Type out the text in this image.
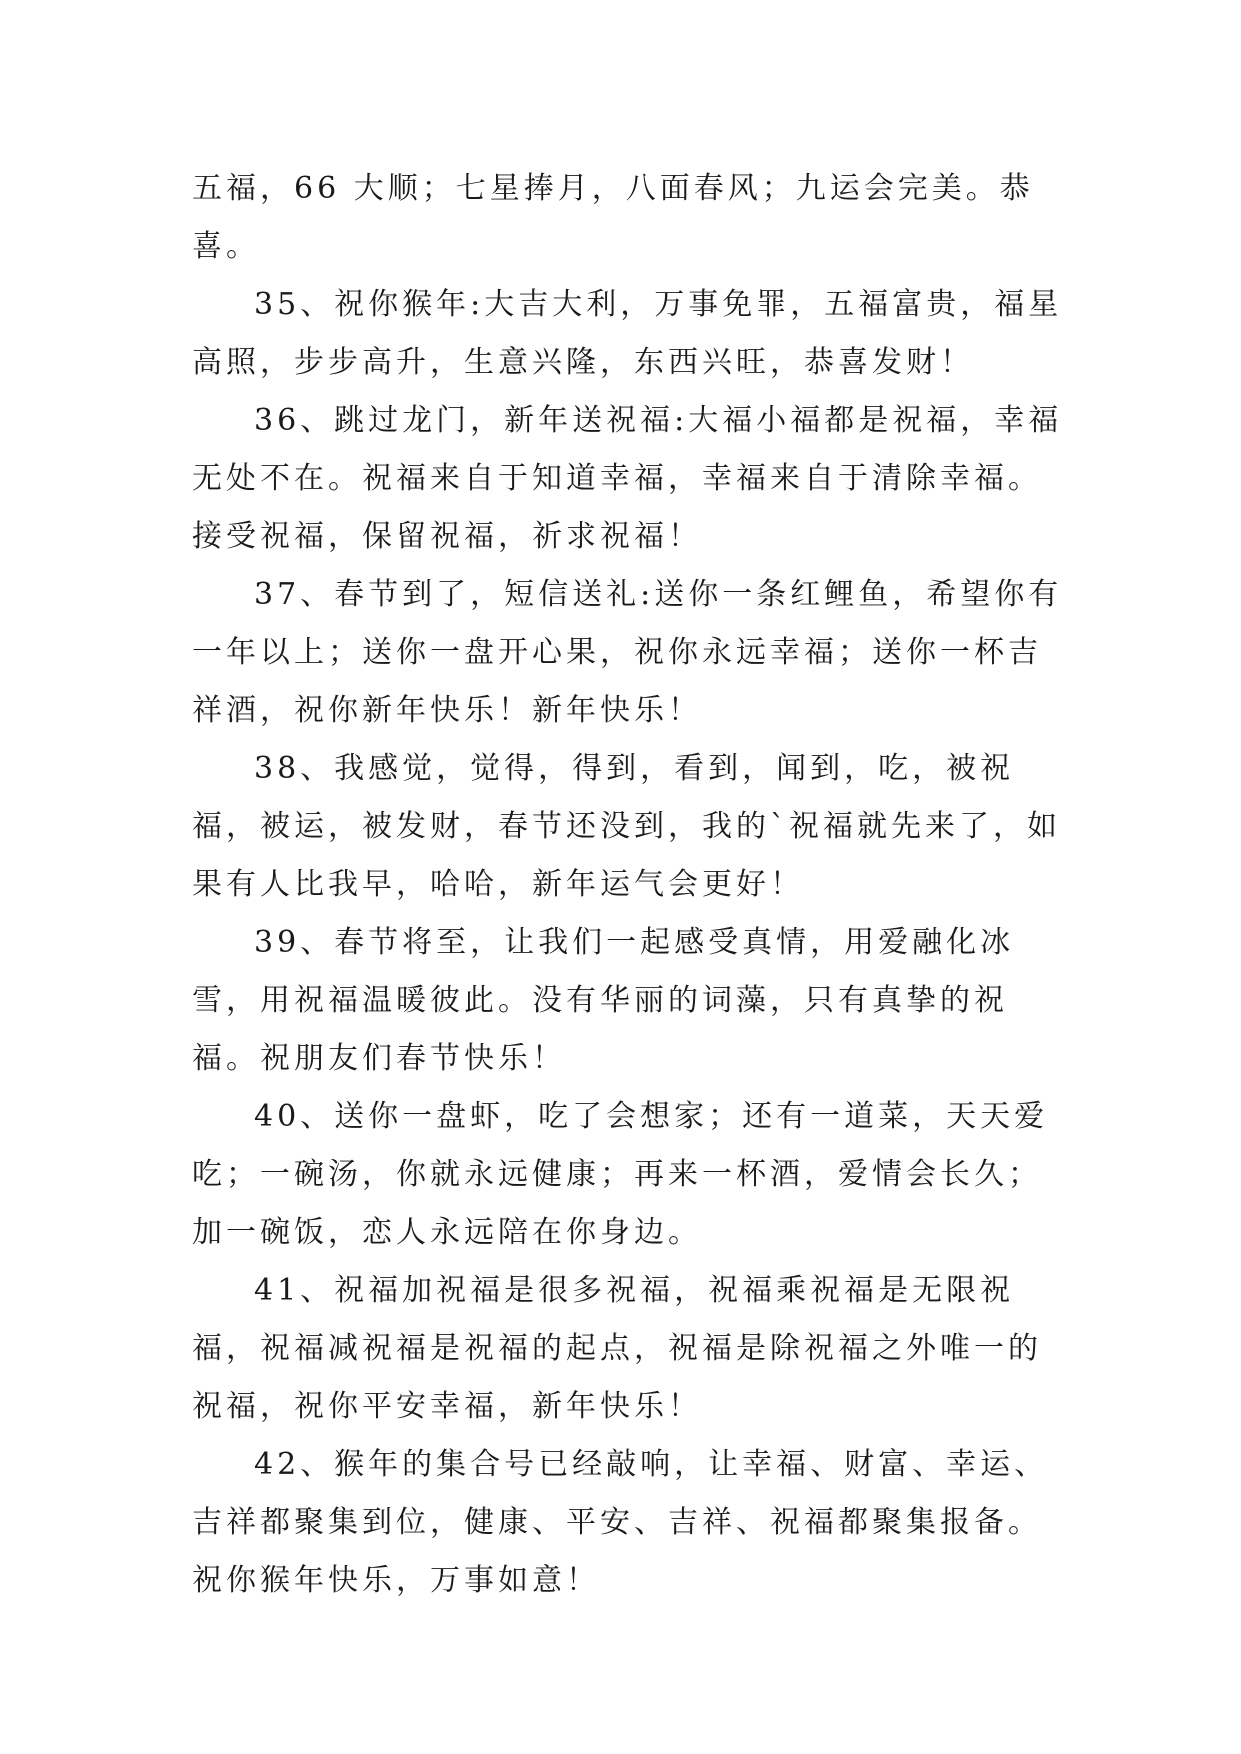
五福，66 大顺；七星捧月，八面春风；九运会完美。恭喜。

35、祝你猴年:大吉大利，万事免罪，五福富贵，福星高照，步步高升，生意兴隆，东西兴旺，恭喜发财！

36、跳过龙门，新年送祝福:大福小福都是祝福，幸福无处不在。祝福来自于知道幸福，幸福来自于清除幸福。接受祝福，保留祝福，祈求祝福！

37、春节到了，短信送礼:送你一条红鲤鱼，希望你有一年以上；送你一盘开心果，祝你永远幸福；送你一杯吉祥酒，祝你新年快乐！新年快乐！

38、我感觉，觉得，得到，看到，闻到，吃，被祝福，被运，被发财，春节还没到，我的`祝福就先来了，如果有人比我早，哈哈，新年运气会更好！

39、春节将至，让我们一起感受真情，用爱融化冰雪，用祝福温暖彼此。没有华丽的词藻，只有真挚的祝福。祝朋友们春节快乐！

40、送你一盘虾，吃了会想家；还有一道菜，天天爱吃；一碗汤，你就永远健康；再来一杯酒，爱情会长久；加一碗饭，恋人永远陪在你身边。

41、祝福加祝福是很多祝福，祝福乘祝福是无限祝福，祝福减祝福是祝福的起点，祝福是除祝福之外唯一的祝福，祝你平安幸福，新年快乐！

42、猴年的集合号已经敲响，让幸福、财富、幸运、吉祥都聚集到位，健康、平安、吉祥、祝福都聚集报备。祝你猴年快乐，万事如意！
